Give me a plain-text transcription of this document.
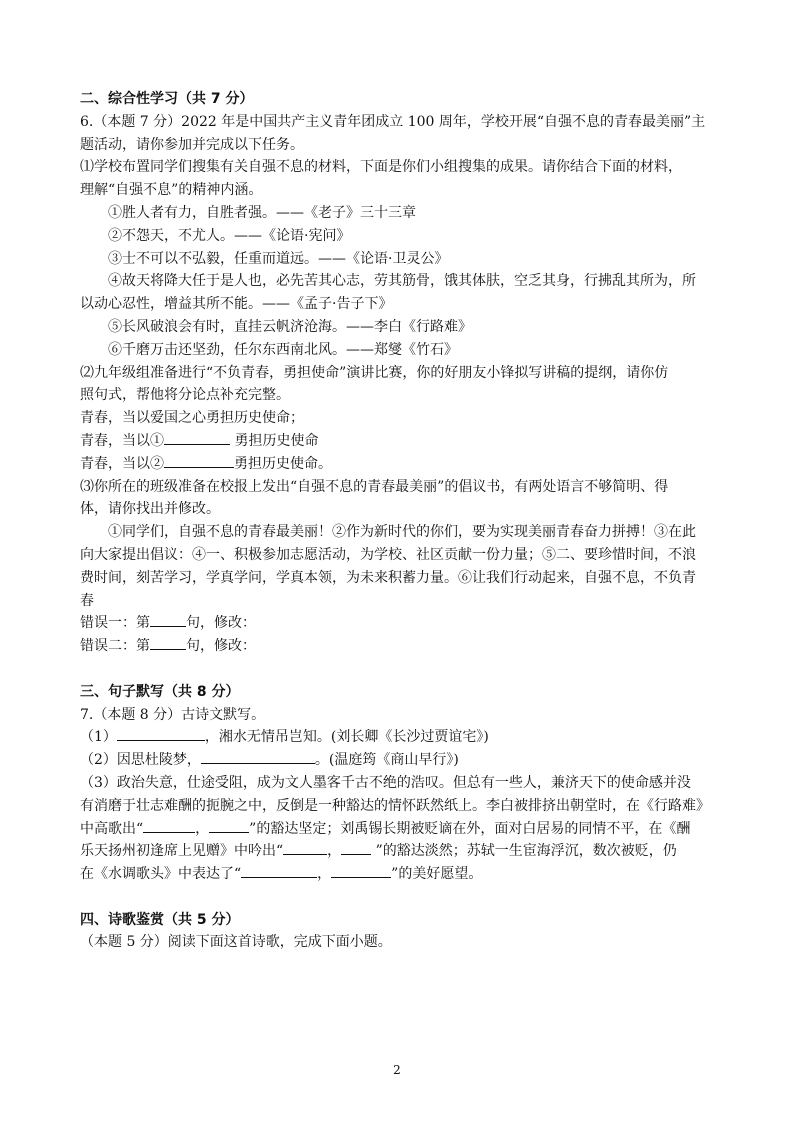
二、综合性学习（共 7 分）
6.（本题 7 分）2022 年是中国共产主义青年团成立 100 周年，学校开展“自强不息的青春最美丽”主
题活动，请你参加并完成以下任务。
⑴学校布置同学们搜集有关自强不息的材料，下面是你们小组搜集的成果。请你结合下面的材料，
理解“自强不息”的精神内涵。
①胜人者有力，自胜者强。——《老子》三十三章
②不怨天，不尤人。——《论语·宪问》
③士不可以不弘毅，任重而道远。——《论语·卫灵公》
④故天将降大任于是人也，必先苦其心志，劳其筋骨，饿其体肤，空乏其身，行拂乱其所为，所
以动心忍性，增益其所不能。——《孟子·告子下》
⑤长风破浪会有时，直挂云帆济沧海。——李白《行路难》
⑥千磨万击还坚劲，任尔东西南北风。——郑燮《竹石》
⑵九年级组准备进行“不负青春，勇担使命”演讲比赛，你的好朋友小锋拟写讲稿的提纲，请你仿
照句式，帮他将分论点补充完整。
青春，当以爱国之心勇担历史使命；
青春，当以①	勇担历史使命
青春，当以②	勇担历史使命。
⑶你所在的班级准备在校报上发出“自强不息的青春最美丽”的倡议书，有两处语言不够简明、得
体，请你找出并修改。
①同学们，自强不息的青春最美丽！②作为新时代的你们，要为实现美丽青春奋力拼搏！③在此
向大家提出倡议：④一、积极参加志愿活动，为学校、社区贡献一份力量；⑤二、要珍惜时间，不浪
费时间，刻苦学习，学真学问，学真本领，为未来积蓄力量。⑥让我们行动起来，自强不息，不负青
春
错误一：第	句，修改：
错误二：第	句，修改：
三、句子默写（共 8 分）
7.（本题 8 分）古诗文默写。
（1）	，湘水无情吊岂知。(刘长卿《长沙过贾谊宅》)
（2）因思杜陵梦，	。(温庭筠《商山早行》)
（3）政治失意，仕途受阻，成为文人墨客千古不绝的浩叹。但总有一些人，兼济天下的使命感并没
有消磨于壮志难酬的扼腕之中，反倒是一种豁达的情怀跃然纸上。李白被排挤出朝堂时，在《行路难》
中高歌出“	，	”的豁达坚定；刘禹锡长期被贬谪在外，面对白居易的同情不平，在《酬
乐天扬州初逢席上见赠》中吟出“	， ”的豁达淡然；苏轼一生宦海浮沉，数次被贬，仍
在《水调歌头》中表达了“	，	”的美好愿望。
四、诗歌鉴赏（共 5 分）
（本题 5 分）阅读下面这首诗歌，完成下面小题。
2
